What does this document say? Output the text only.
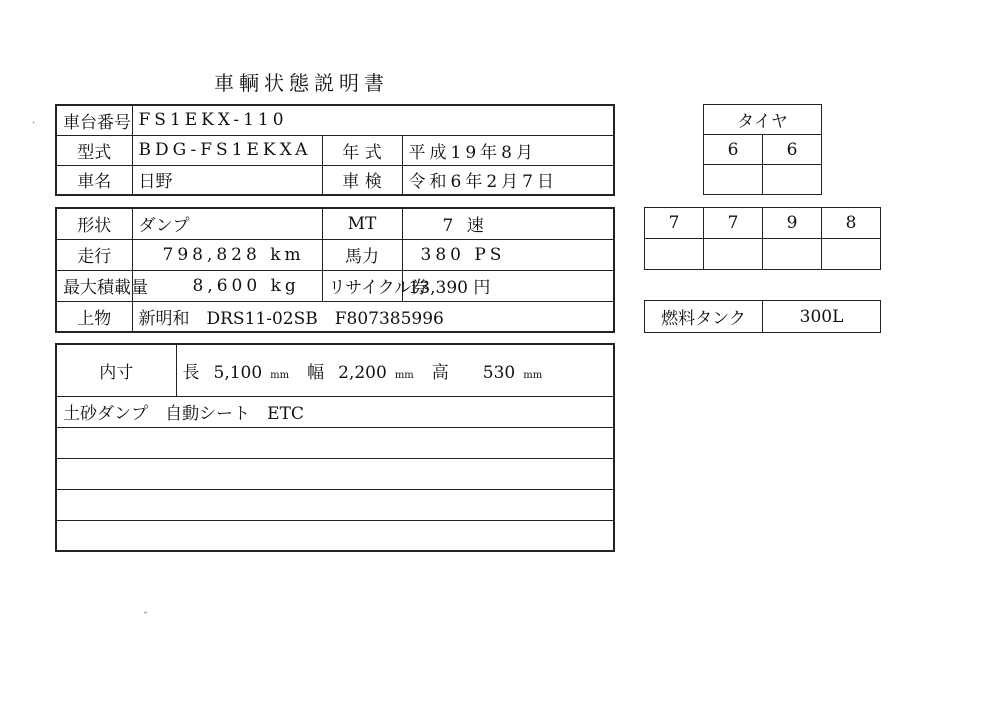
車輌状態説明書
車台番号	FS1EKX-110		
型式	BDG-FS1EKXA	年 式	平成19年8月
車名	日野	車 検	令和6年2月7日
形状	ダンプ	MT	7 速
走行	798,828 km	馬力	380 PS
最大積載量	8,600 kg	リサイクル券	13,390 円
上物	新明和　DRS11-02SB　F807385996		
内寸	長 5,100 mm 幅 2,200 mm 高 530 mm
土砂ダンプ　自動シート　ETC

タイヤ	
6	6

7	7	9	8

燃料タンク	300L
·
ˇ
